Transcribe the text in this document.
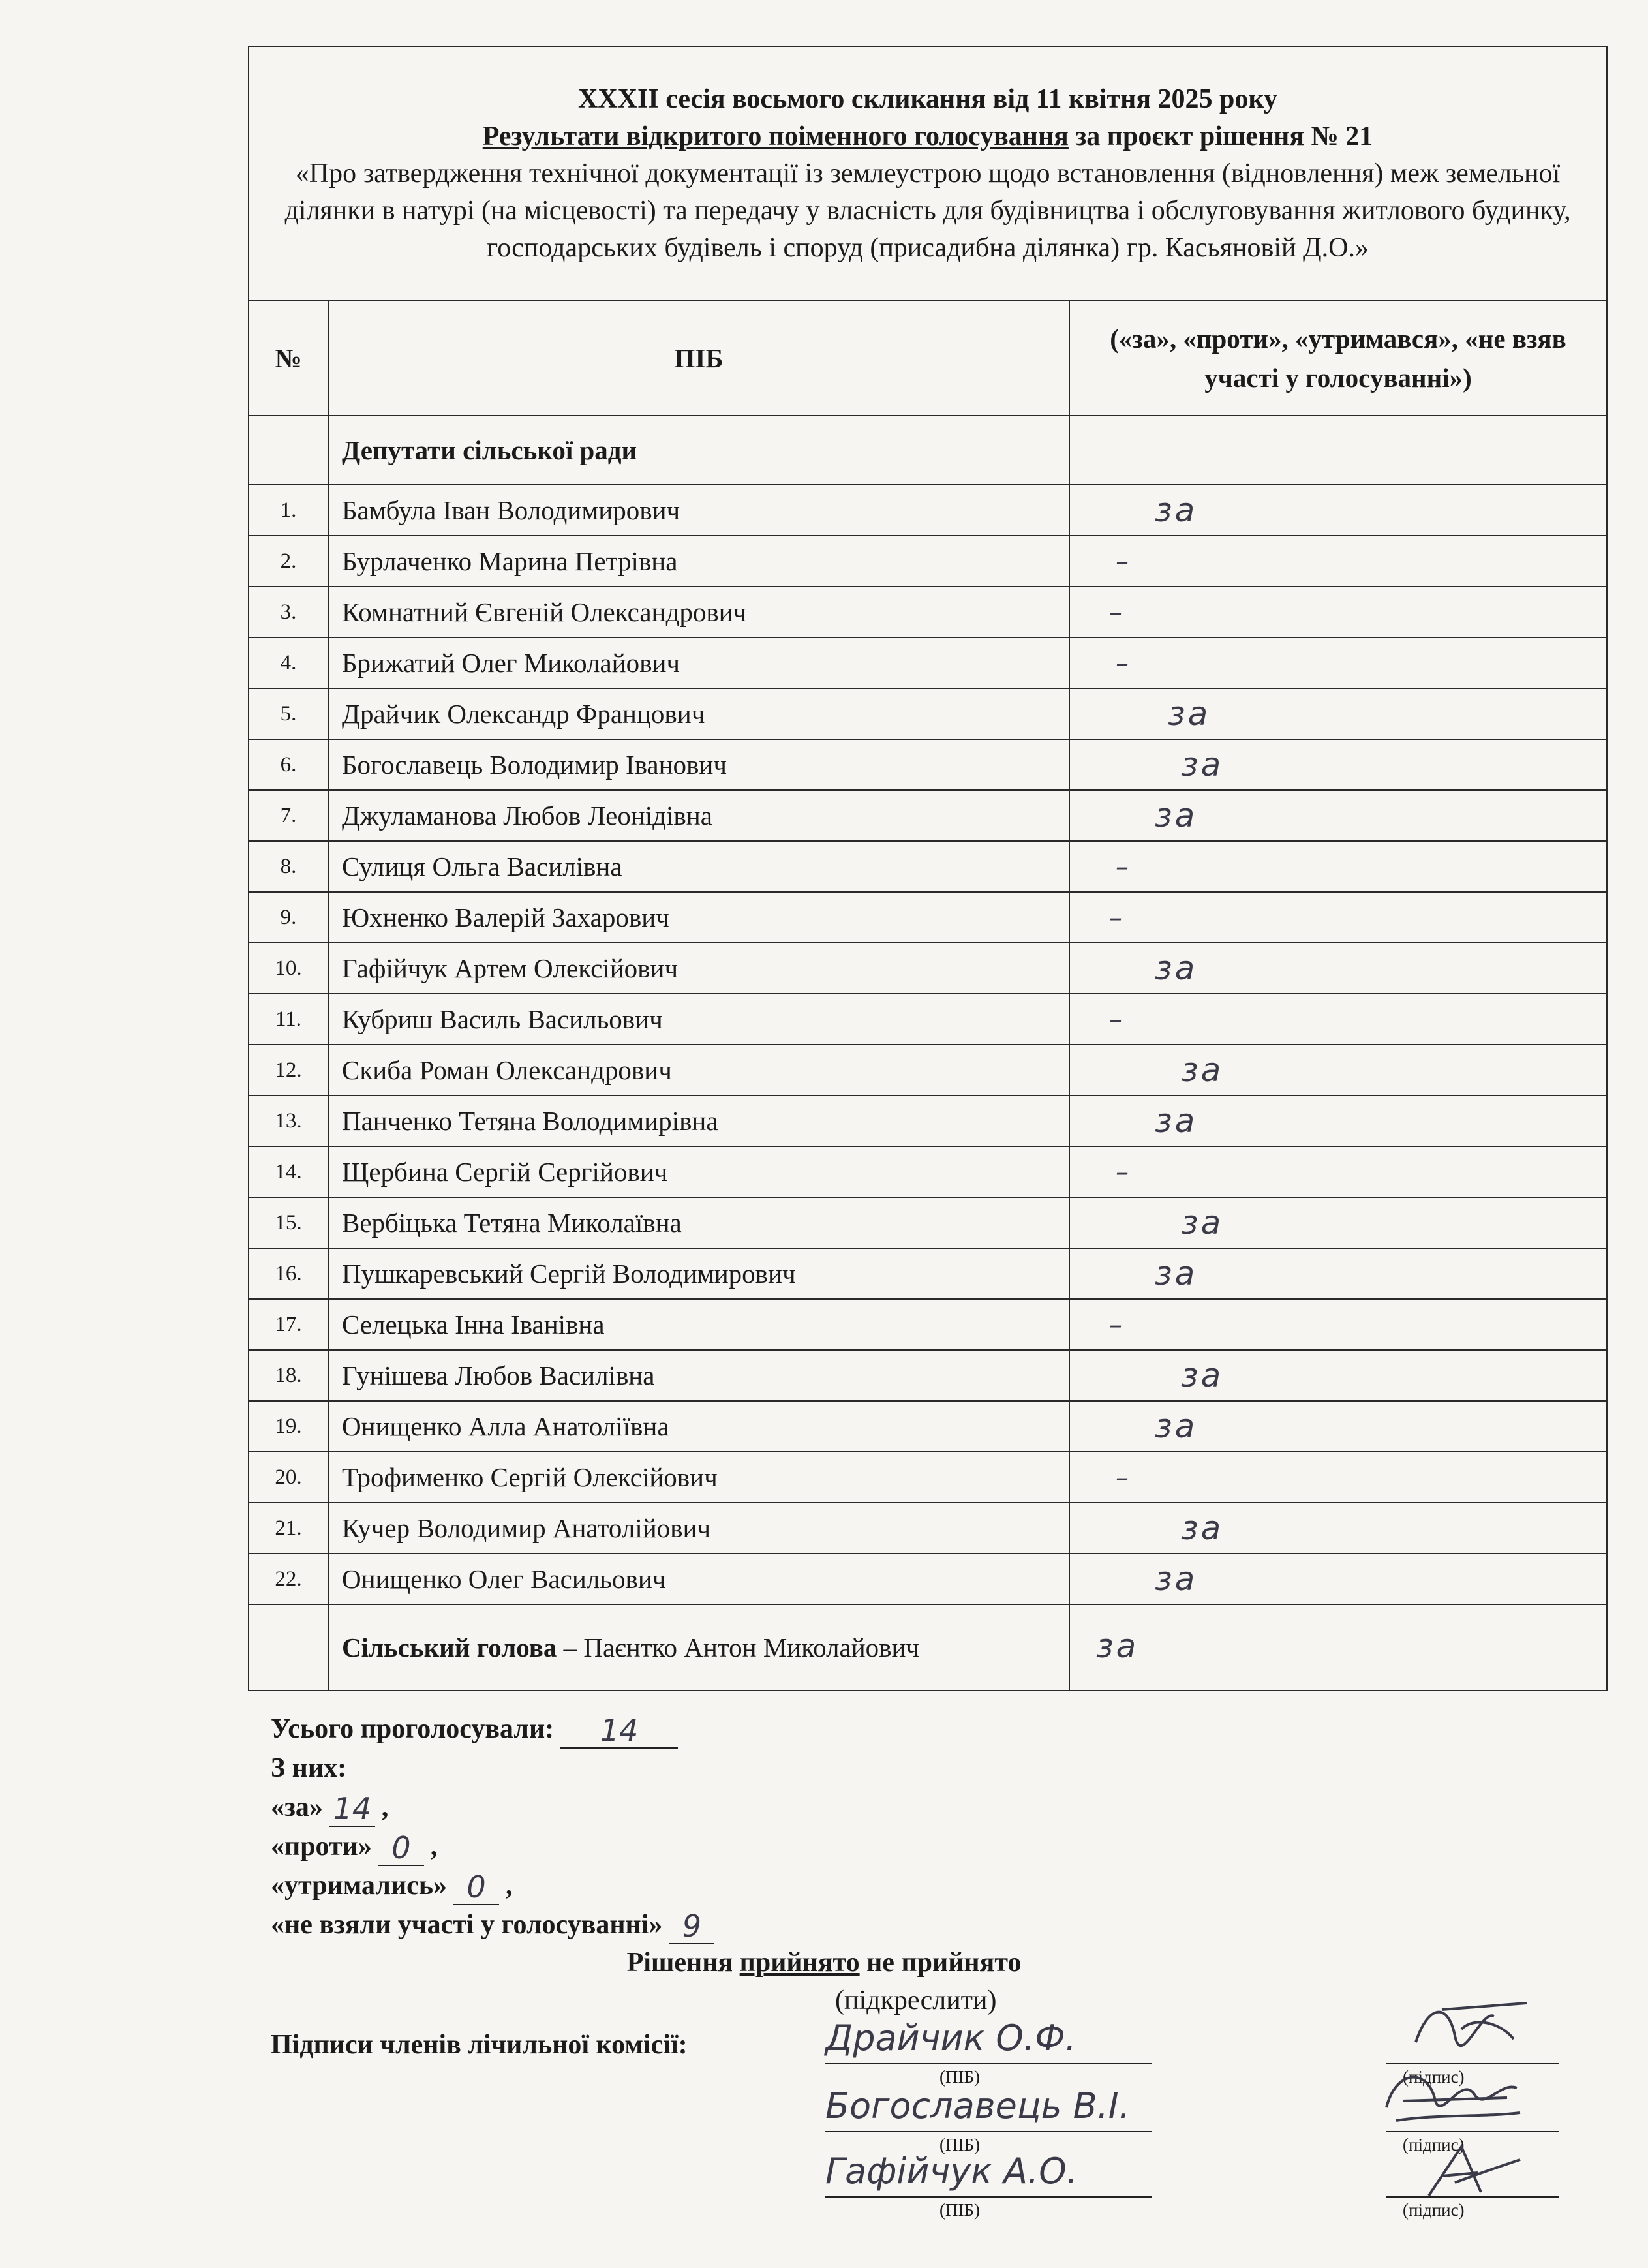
XXXII сесія восьмого скликання від 11 квітня 2025 року
Результати відкритого поіменного голосування за проєкт рішення № 21
«Про затвердження технічної документації із землеустрою щодо встановлення (відновлення) меж земельної ділянки в натурі (на місцевості) та передачу у власність для будівництва і обслуговування житлового будинку, господарських будівель і споруд (присадибна ділянка) гр. Касьяновій Д.О.»		

№	ПІБ	(«за», «проти», «утримався», «не взяв участі у голосуванні»)
	Депутати сільської ради	
1.	Бамбула Іван Володимирович	за
2.	Бурлаченко Марина Петрівна	–
3.	Комнатний Євгеній Олександрович	–
4.	Брижатий Олег Миколайович	–
5.	Драйчик Олександр Францович	за
6.	Богославець Володимир Іванович	за
7.	Джуламанова Любов Леонідівна	за
8.	Сулиця Ольга Василівна	–
9.	Юхненко Валерій Захарович	–
10.	Гафійчук Артем Олексійович	за
11.	Кубриш Василь Васильович	–
12.	Скиба Роман Олександрович	за
13.	Панченко Тетяна Володимирівна	за
14.	Щербина Сергій Сергійович	–
15.	Вербіцька Тетяна Миколаївна	за
16.	Пушкаревський Сергій Володимирович	за
17.	Селецька Інна Іванівна	–
18.	Гунішева Любов Василівна	за
19.	Онищенко Алла Анатоліївна	за
20.	Трофименко Сергій Олексійович	–
21.	Кучер Володимир Анатолійович	за
22.	Онищенко Олег Васильович	за
	Сільський голова – Паєнтко Антон Миколайович	за
Усього проголосували:	14
З них:
«за» 14 ,
«проти» 0 ,
«утримались» 0 ,
«не взяли участі у голосуванні» 9
Рішення прийнято не прийнято
(підкреслити)
Підписи членів лічильної комісії:	Драйчик О.Ф.
(ПІБ)	(підпис)
Богославець В.І.
(ПІБ)	(підпис)
Гафійчук А.О.
(ПІБ)	(підпис)
